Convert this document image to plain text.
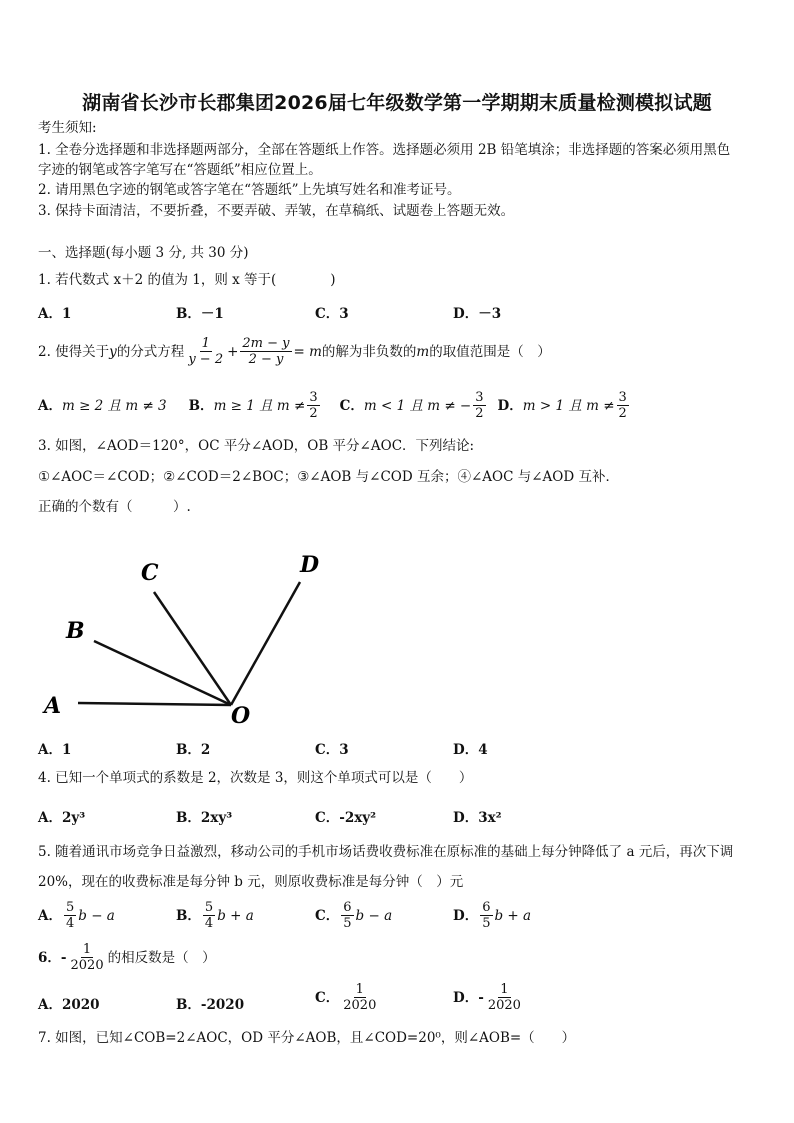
湖南省长沙市长郡集团2026届七年级数学第一学期期末质量检测模拟试题
考生须知:
1. 全卷分选择题和非选择题两部分，全部在答题纸上作答。选择题必须用 2B 铅笔填涂；非选择题的答案必须用黑色
字迹的钢笔或答字笔写在“答题纸”相应位置上。
2. 请用黑色字迹的钢笔或答字笔在“答题纸”上先填写姓名和准考证号。
3. 保持卡面清洁，不要折叠，不要弄破、弄皱，在草稿纸、试题卷上答题无效。
一、选择题(每小题 3 分, 共 30 分)
1. 若代数式 x＋2 的值为 1，则 x 等于(　　　　)
A．1	B．－1	C．3	D．－3
2. 使得关于 y 的分式方程 $\frac{1}{y - 2} + \frac{2m - y}{2 - y} = m$ 的解为非负数的 m 的取值范围是（　）
A． m ≥ 2 且 m ≠ 3 B． m ≥ 1 且 $m \ne \frac{3}{2}$ C． m < 1 且 m ≠ − $\frac{3}{2}$ D． m > 1 且 $m \ne \frac{3}{2}$
3. 如图，∠AOD＝120°，OC 平分∠AOD，OB 平分∠AOC．下列结论:
①∠AOC＝∠COD；②∠COD＝2∠BOC；③∠AOB 与∠COD 互余；④∠AOC 与∠AOD 互补．
正确的个数有（　　　）.
A
B
C	D
O
A．1	B．2	C．3	D．4
4. 已知一个单项式的系数是 2，次数是 3，则这个单项式可以是（　　）
A．2y³	B．2xy³	C．-2xy²	D．3x²
5. 随着通讯市场竞争日益激烈，移动公司的手机市场话费收费标准在原标准的基础上每分钟降低了 a 元后，再次下调
20%，现在的收费标准是每分钟 b 元，则原收费标准是每分钟（　）元
A． $\frac{5}{4}$ b − a	B． $\frac{5}{4}$ b + a	C． $\frac{6}{5}$ b − a	D． $\frac{6}{5}$ b + a
6．- $\frac{1}{2020}$ 的相反数是（　）
A．2020	B．-2020	C． $\frac{1}{2020}$	D．- $\frac{1}{2020}$
7. 如图，已知∠COB=2∠AOC，OD 平分∠AOB，且∠COD=20⁰，则∠AOB=（　　）
